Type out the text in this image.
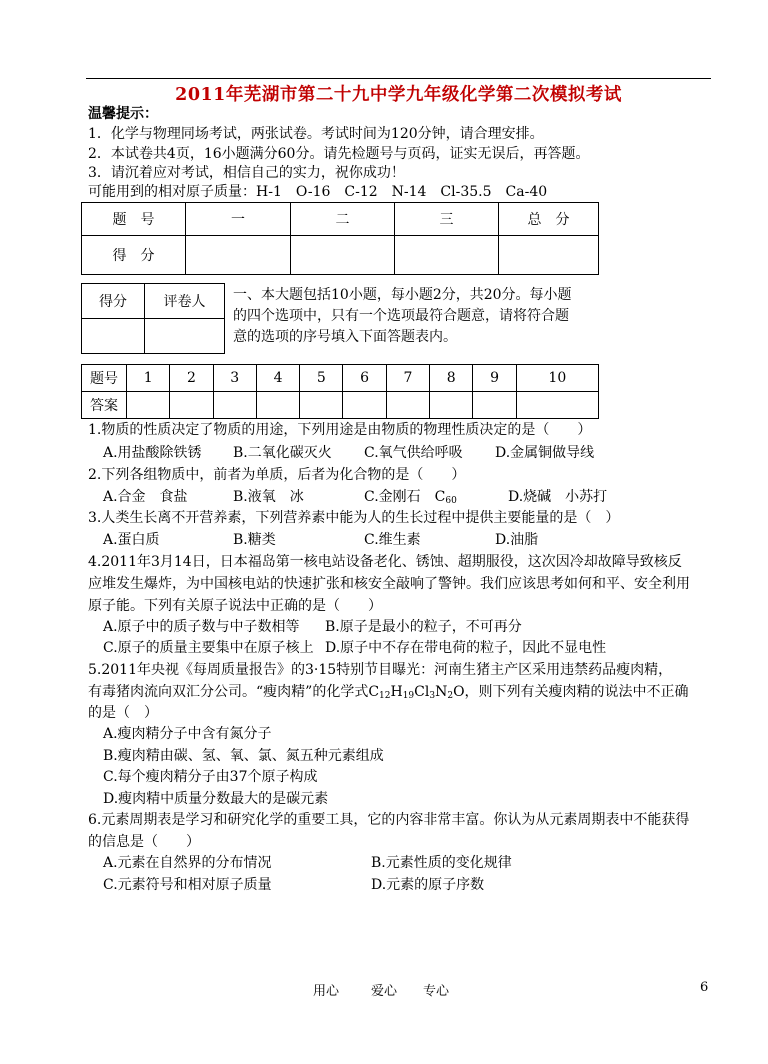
2011年芜湖市第二十九中学九年级化学第二次模拟考试
温馨提示：
1．化学与物理同场考试，两张试卷。考试时间为120分钟，请合理安排。
2．本试卷共4页，16小题满分60分。请先检题号与页码，证实无误后，再答题。
3．请沉着应对考试，相信自己的实力，祝你成功！
可能用到的相对原子质量：H-1　O-16　C-12　N-14　Cl-35.5　Ca-40
题　号	一	二	三	总　分
得　分				
得分	评卷人
	一、本大题包括10小题，每小题2分，共20分。每小题
的四个选项中，只有一个选项最符合题意，请将符合题
意的选项的序号填入下面答题表内。
题号	1	2	3	4	5	6	7	8	9	10
答案										
1.物质的性质决定了物质的用途，下列用途是由物质的物理性质决定的是（　　）
A.用盐酸除铁锈 B.二氧化碳灭火 C.氧气供给呼吸 D.金属铜做导线
2.下列各组物质中，前者为单质，后者为化合物的是（　　）
A.合金　食盐	B.液氧　冰	C.金刚石　$C_{60}$	D.烧碱　小苏打
3.人类生长离不开营养素，下列营养素中能为人的生长过程中提供主要能量的是（　）
A.蛋白质	B.糖类	C.维生素	D.油脂
4.2011年3月14日，日本福岛第一核电站设备老化、锈蚀、超期服役，这次因冷却故障导致核反
应堆发生爆炸，为中国核电站的快速扩张和核安全敲响了警钟。我们应该思考如何和平、安全利用
原子能。下列有关原子说法中正确的是（　　）
A.原子中的质子数与中子数相等 B.原子是最小的粒子，不可再分
C.原子的质量主要集中在原子核上 D.原子中不存在带电荷的粒子，因此不显电性
5.2011年央视《每周质量报告》的3·15特别节目曝光：河南生猪主产区采用违禁药品瘦肉精，
有毒猪肉流向双汇分公司。“瘦肉精”的化学式$C_{12}H_{19}Cl_3N_2O$，则下列有关瘦肉精的说法中不正确
的是（　）
A.瘦肉精分子中含有氮分子
B.瘦肉精由碳、氢、氧、氯、氮五种元素组成
C.每个瘦肉精分子由37个原子构成
D.瘦肉精中质量分数最大的是碳元素
6.元素周期表是学习和研究化学的重要工具，它的内容非常丰富。你认为从元素周期表中不能获得
的信息是（　　）
A.元素在自然界的分布情况	B.元素性质的变化规律
C.元素符号和相对原子质量	D.元素的原子序数
用心 爱心 专心	6
